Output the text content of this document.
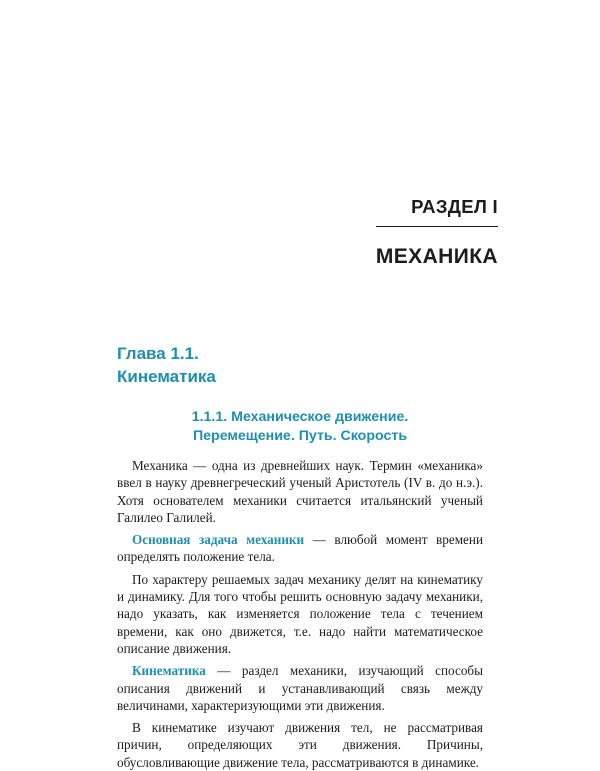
РАЗДЕЛ I
МЕХАНИКА
Глава 1.1.
Кинематика
1.1.1. Механическое движение.
Перемещение. Путь. Скорость

Механика — одна из древнейших наук. Термин «механика» ввел в науку древнегреческий ученый Аристотель (IV в. до н.э.). Хотя основателем механики считается итальянский ученый Галилео Галилей.

Основная задача механики — влюбой момент времени определять положение тела.

По характеру решаемых задач механику делят на кинематику и динамику. Для того чтобы решить основную задачу механики, надо указать, как изменяется положение тела с течением времени, как оно движется, т.е. надо найти математическое описание движения.

Кинематика — раздел механики, изучающий способы описания движений и устанавливающий связь между величинами, характеризующими эти движения.

В кинематике изучают движения тел, не рассматривая причин, определяющих эти движения. Причины, обусловливающие движение тела, рассматриваются в динамике.
